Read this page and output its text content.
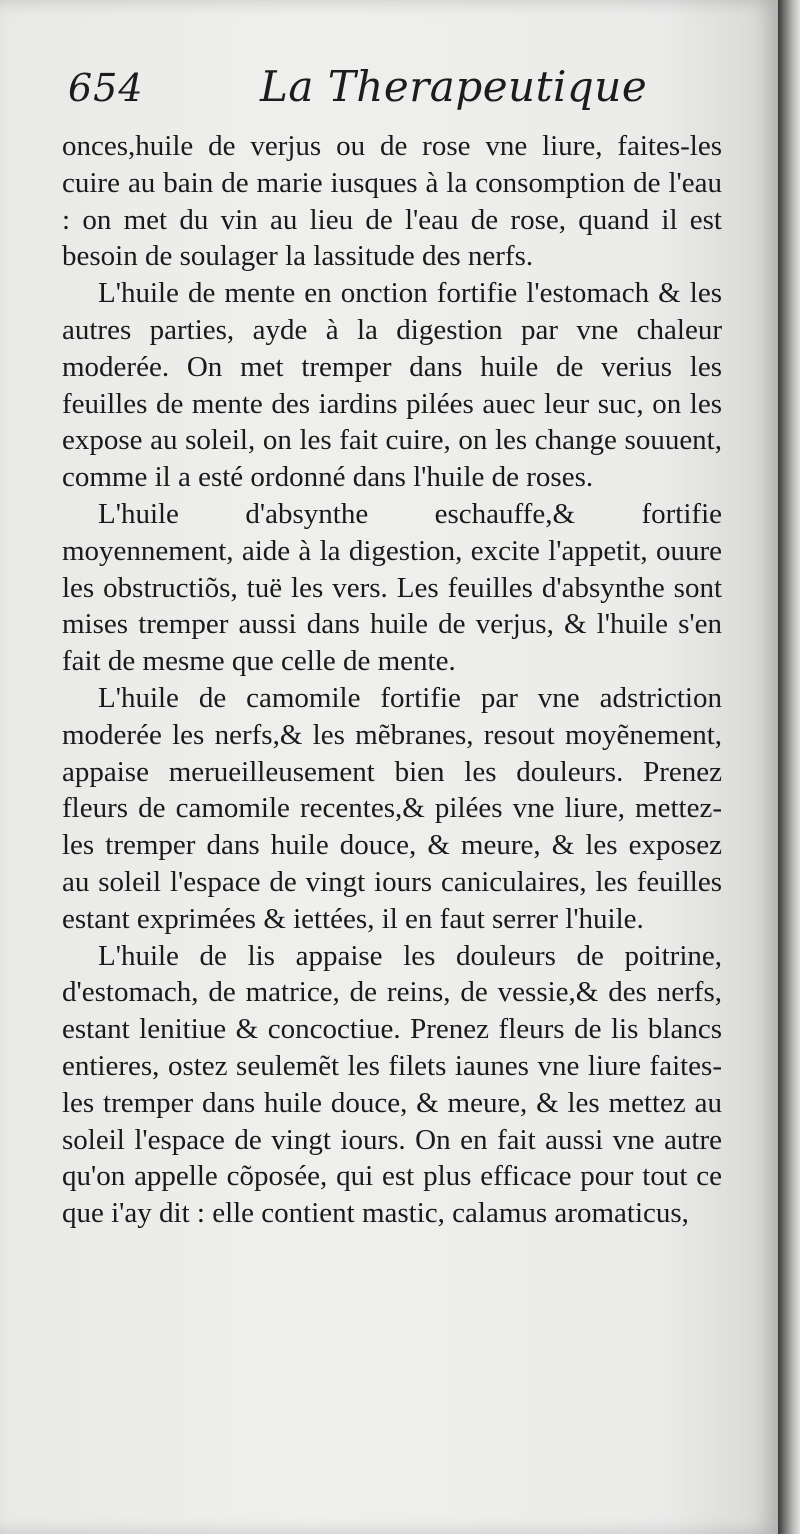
654	La Therapeutique

onces,huile de verjus ou de rose vne liure, faites-les cuire au bain de marie iusques à la consomption de l'eau : on met du vin au lieu de l'eau de rose, quand il est besoin de soulager la lassitude des nerfs.

L'huile de mente en onction fortifie l'estomach & les autres parties, ayde à la digestion par vne chaleur moderée. On met tremper dans huile de verius les feuilles de mente des iardins pilées auec leur suc, on les expose au soleil, on les fait cuire, on les change souuent, comme il a esté ordonné dans l'huile de roses.

L'huile d'absynthe eschauffe,& fortifie moyennement, aide à la digestion, excite l'appetit, ouure les obstructiõs, tuë les vers. Les feuilles d'absynthe sont mises tremper aussi dans huile de verjus, & l'huile s'en fait de mesme que celle de mente.

L'huile de camomile fortifie par vne adstriction moderée les nerfs,& les mẽbranes, resout moyẽnement, appaise merueilleusement bien les douleurs. Prenez fleurs de camomile recentes,& pilées vne liure, mettez-les tremper dans huile douce, & meure, & les exposez au soleil l'espace de vingt iours caniculaires, les feuilles estant exprimées & iettées, il en faut serrer l'huile.

L'huile de lis appaise les douleurs de poitrine, d'estomach, de matrice, de reins, de vessie,& des nerfs, estant lenitiue & concoctiue. Prenez fleurs de lis blancs entieres, ostez seulemẽt les filets iaunes vne liure faites-les tremper dans huile douce, & meure, & les mettez au soleil l'espace de vingt iours. On en fait aussi vne autre qu'on appelle cõposée, qui est plus efficace pour tout ce que i'ay dit : elle contient mastic, calamus aromaticus,
